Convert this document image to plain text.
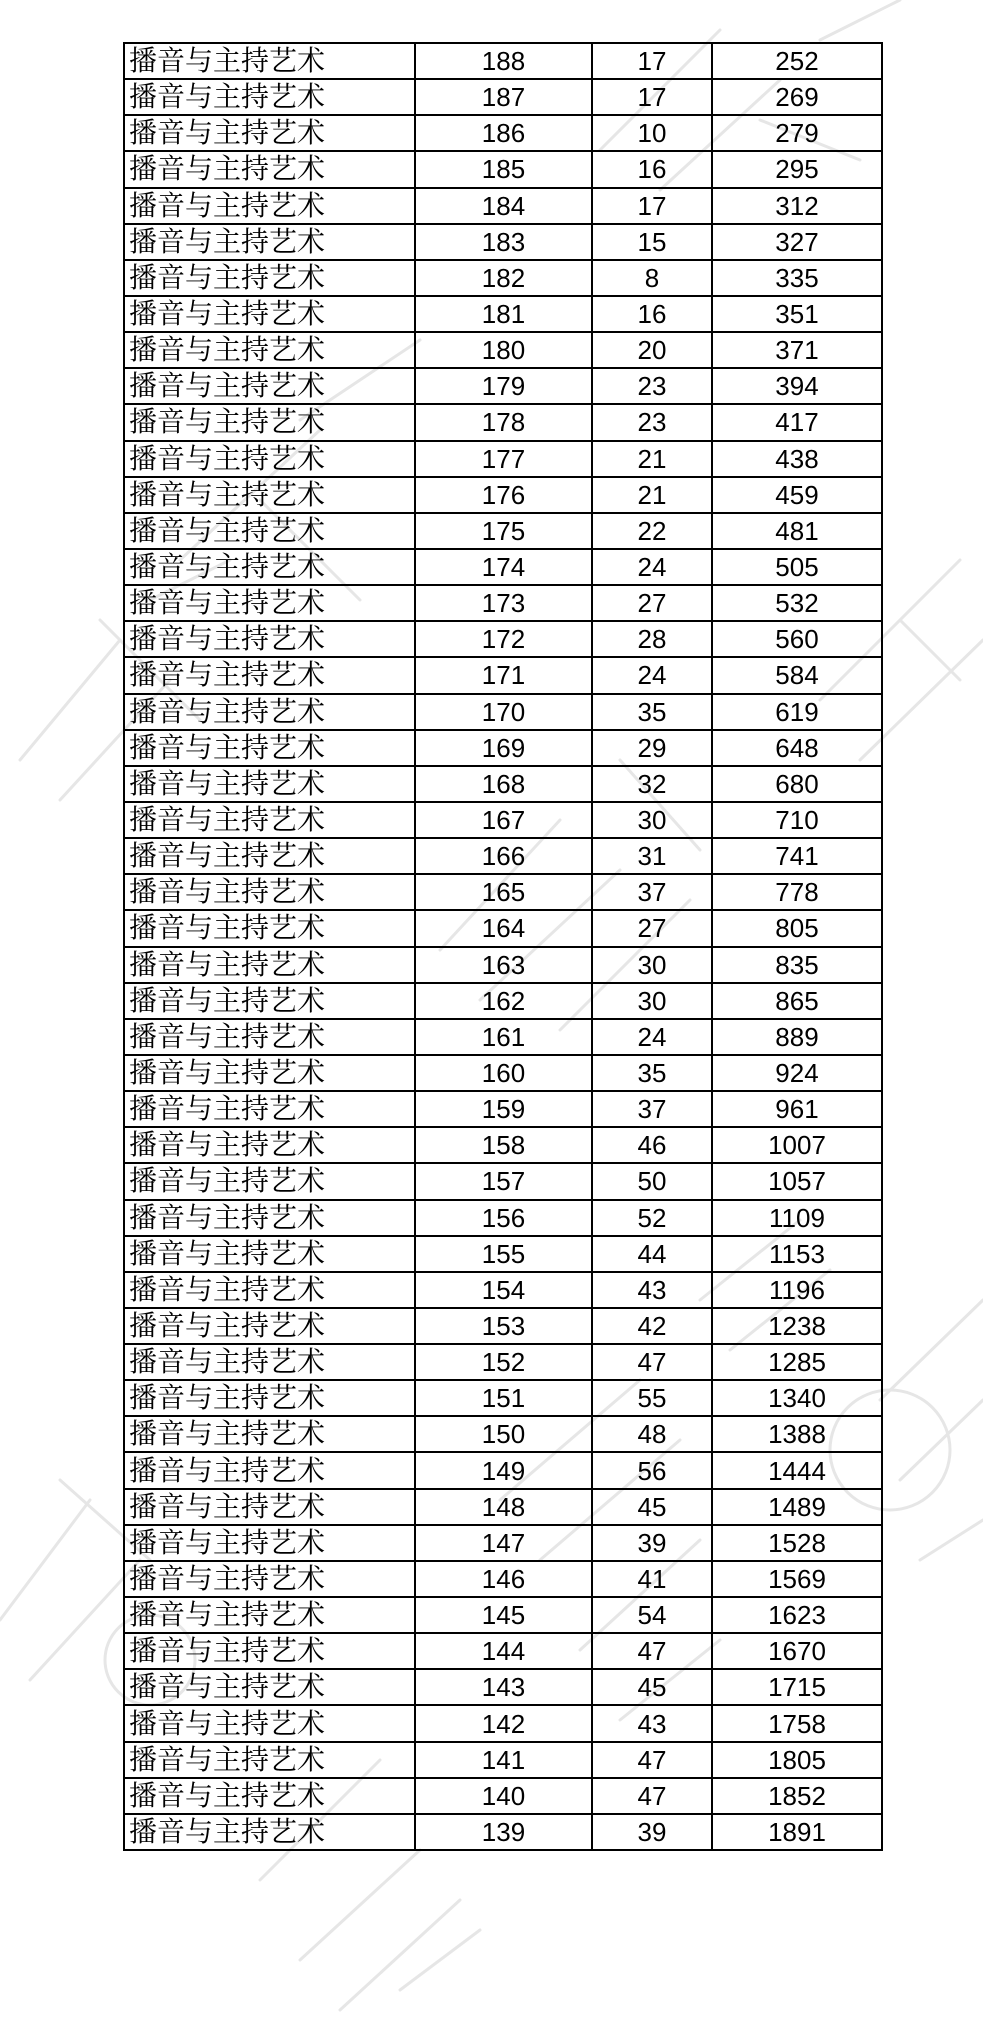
播音与主持艺术	188	17	252
播音与主持艺术	187	17	269
播音与主持艺术	186	10	279
播音与主持艺术	185	16	295
播音与主持艺术	184	17	312
播音与主持艺术	183	15	327
播音与主持艺术	182	8	335
播音与主持艺术	181	16	351
播音与主持艺术	180	20	371
播音与主持艺术	179	23	394
播音与主持艺术	178	23	417
播音与主持艺术	177	21	438
播音与主持艺术	176	21	459
播音与主持艺术	175	22	481
播音与主持艺术	174	24	505
播音与主持艺术	173	27	532
播音与主持艺术	172	28	560
播音与主持艺术	171	24	584
播音与主持艺术	170	35	619
播音与主持艺术	169	29	648
播音与主持艺术	168	32	680
播音与主持艺术	167	30	710
播音与主持艺术	166	31	741
播音与主持艺术	165	37	778
播音与主持艺术	164	27	805
播音与主持艺术	163	30	835
播音与主持艺术	162	30	865
播音与主持艺术	161	24	889
播音与主持艺术	160	35	924
播音与主持艺术	159	37	961
播音与主持艺术	158	46	1007
播音与主持艺术	157	50	1057
播音与主持艺术	156	52	1109
播音与主持艺术	155	44	1153
播音与主持艺术	154	43	1196
播音与主持艺术	153	42	1238
播音与主持艺术	152	47	1285
播音与主持艺术	151	55	1340
播音与主持艺术	150	48	1388
播音与主持艺术	149	56	1444
播音与主持艺术	148	45	1489
播音与主持艺术	147	39	1528
播音与主持艺术	146	41	1569
播音与主持艺术	145	54	1623
播音与主持艺术	144	47	1670
播音与主持艺术	143	45	1715
播音与主持艺术	142	43	1758
播音与主持艺术	141	47	1805
播音与主持艺术	140	47	1852
播音与主持艺术	139	39	1891
